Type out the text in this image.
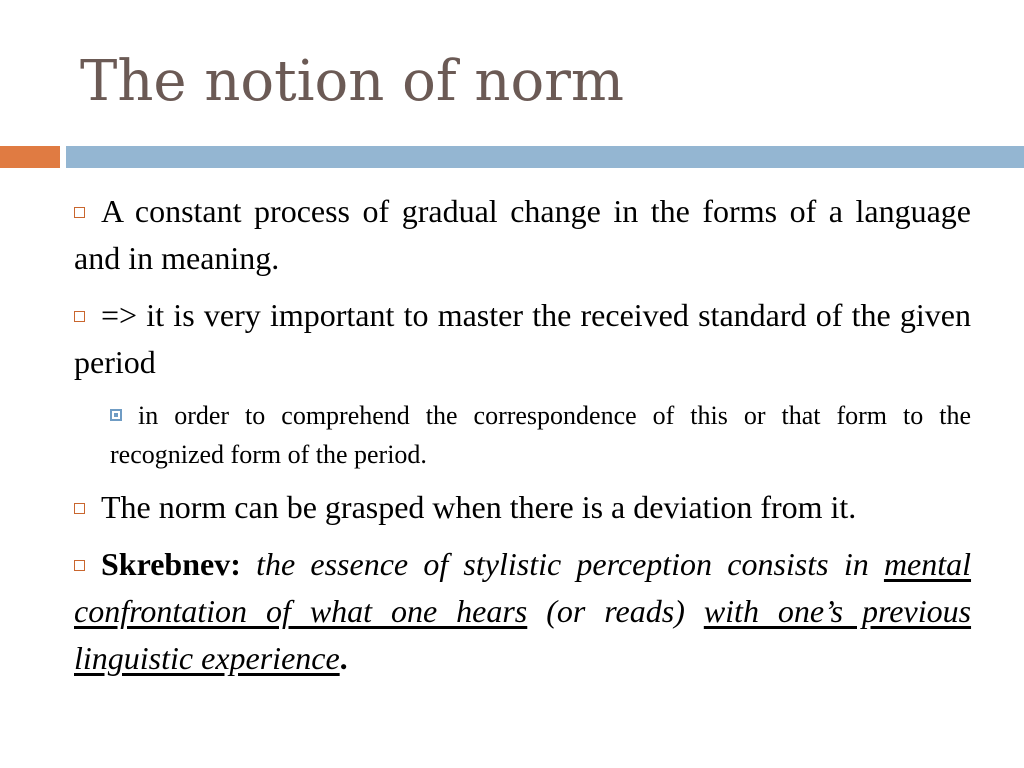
The notion of norm

A constant process of gradual change in the forms of a language and in meaning.

=> it is very important to master the received standard of the given period

in order to comprehend the correspondence of this or that form to the recognized form of the period.

The norm can be grasped when there is a deviation from it.

Skrebnev: the essence of stylistic perception consists in mental confrontation of what one hears (or reads) with one’s previous linguistic experience.
